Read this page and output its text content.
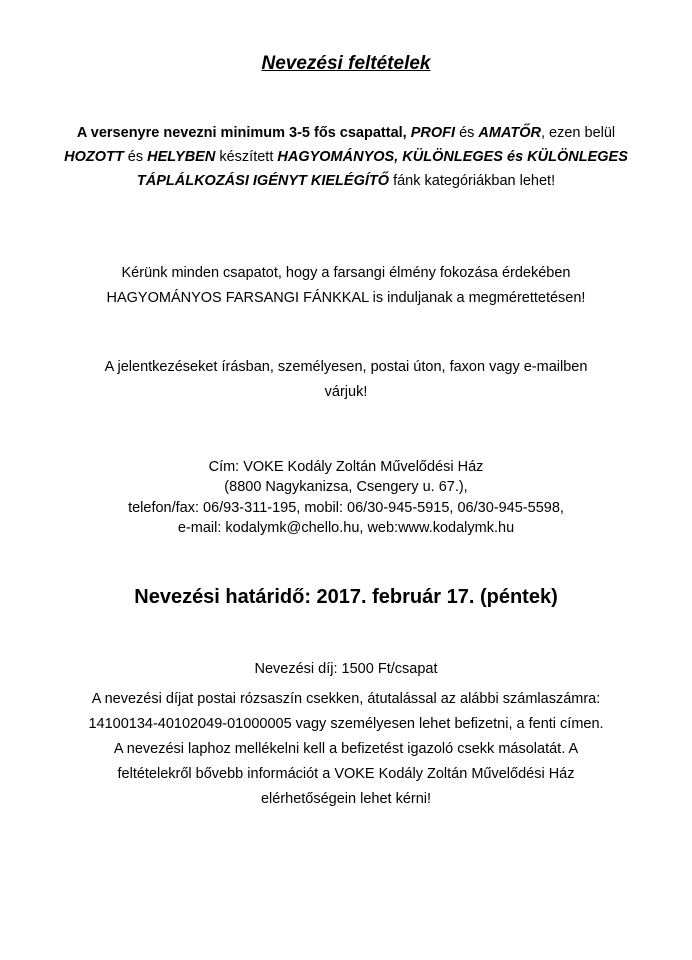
Nevezési feltételek
A versenyre nevezni minimum 3-5 fős csapattal, PROFI és AMATŐR, ezen belül
HOZOTT és HELYBEN készített HAGYOMÁNYOS, KÜLÖNLEGES és KÜLÖNLEGES
TÁPLÁLKOZÁSI IGÉNYT KIELÉGÍTŐ fánk kategóriákban lehet!
Kérünk minden csapatot, hogy a farsangi élmény fokozása érdekében
HAGYOMÁNYOS FARSANGI FÁNKKAL is induljanak a megmérettetésen!
A jelentkezéseket írásban, személyesen, postai úton, faxon vagy e-mailben
várjuk!
Cím: VOKE Kodály Zoltán Művelődési Ház
(8800 Nagykanizsa, Csengery u. 67.),
telefon/fax: 06/93-311-195, mobil: 06/30-945-5915, 06/30-945-5598,
e-mail: kodalymk@chello.hu, web:www.kodalymk.hu
Nevezési határidő: 2017. február 17. (péntek)
Nevezési díj: 1500 Ft/csapat
A nevezési díjat postai rózsaszín csekken, átutalással az alábbi számlaszámra:
14100134-40102049-01000005 vagy személyesen lehet befizetni, a fenti címen.
A nevezési laphoz mellékelni kell a befizetést igazoló csekk másolatát. A
feltételekről bővebb információt a VOKE Kodály Zoltán Művelődési Ház
elérhetőségein lehet kérni!
